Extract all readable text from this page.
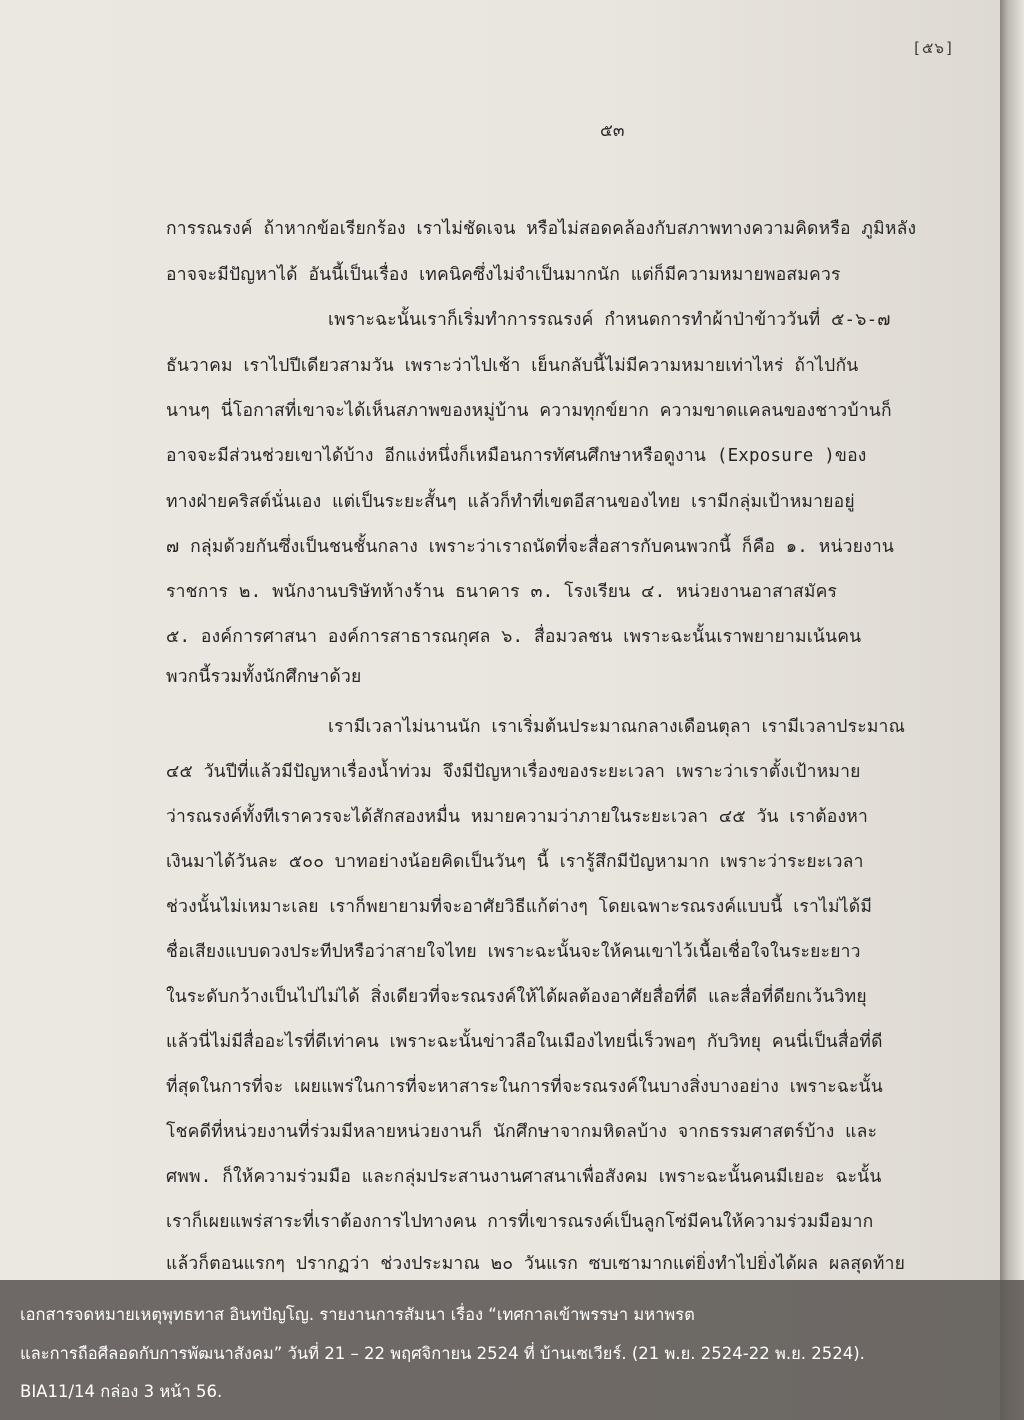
[๕๖]
๕๓
การรณรงค์ ถ้าหากข้อเรียกร้อง เราไม่ชัดเจน หรือไม่สอดคล้องกับสภาพทางความคิดหรือ ภูมิหลัง
อาจจะมีปัญหาได้ อันนี้เป็นเรื่อง เทคนิคซึ่งไม่จำเป็นมากนัก แต่ก็มีความหมายพอสมควร
เพราะฉะนั้นเราก็เริ่มทำการรณรงค์ กำหนดการทำผ้าป่าข้าววันที่ ๕-๖-๗
ธันวาคม เราไปปีเดียวสามวัน เพราะว่าไปเช้า เย็นกลับนี้ไม่มีความหมายเท่าไหร่ ถ้าไปกัน
นานๆ นี่โอกาสที่เขาจะได้เห็นสภาพของหมู่บ้าน ความทุกข์ยาก ความขาดแคลนของชาวบ้านก็
อาจจะมีส่วนช่วยเขาได้บ้าง อีกแง่หนึ่งก็เหมือนการทัศนศึกษาหรือดูงาน (Exposure )ของ
ทางฝ่ายคริสต์นั่นเอง แต่เป็นระยะสั้นๆ แล้วก็ทำที่เขตอีสานของไทย เรามีกลุ่มเป้าหมายอยู่
๗ กลุ่มด้วยกันซึ่งเป็นชนชั้นกลาง เพราะว่าเราถนัดที่จะสื่อสารกับคนพวกนี้ ก็คือ ๑. หน่วยงาน
ราชการ ๒. พนักงานบริษัทห้างร้าน ธนาคาร ๓. โรงเรียน ๔. หน่วยงานอาสาสมัคร
๕. องค์การศาสนา องค์การสาธารณกุศล ๖. สื่อมวลชน เพราะฉะนั้นเราพยายามเน้นคน
พวกนี้รวมทั้งนักศึกษาด้วย
เรามีเวลาไม่นานนัก เราเริ่มต้นประมาณกลางเดือนตุลา เรามีเวลาประมาณ
๔๕ วันปีที่แล้วมีปัญหาเรื่องน้ำท่วม จึงมีปัญหาเรื่องของระยะเวลา เพราะว่าเราตั้งเป้าหมาย
ว่ารณรงค์ทั้งทีเราควรจะได้สักสองหมื่น หมายความว่าภายในระยะเวลา ๔๕ วัน เราต้องหา
เงินมาได้วันละ ๕๐๐ บาทอย่างน้อยคิดเป็นวันๆ นี้ เรารู้สึกมีปัญหามาก เพราะว่าระยะเวลา
ช่วงนั้นไม่เหมาะเลย เราก็พยายามที่จะอาศัยวิธีแก้ต่างๆ โดยเฉพาะรณรงค์แบบนี้ เราไม่ได้มี
ชื่อเสียงแบบดวงประทีปหรือว่าสายใจไทย เพราะฉะนั้นจะให้คนเขาไว้เนื้อเชื่อใจในระยะยาว
ในระดับกว้างเป็นไปไม่ได้ สิ่งเดียวที่จะรณรงค์ให้ได้ผลต้องอาศัยสื่อที่ดี และสื่อที่ดียกเว้นวิทยุ
แล้วนี่ไม่มีสื่ออะไรที่ดีเท่าคน เพราะฉะนั้นข่าวลือในเมืองไทยนี่เร็วพอๆ กับวิทยุ คนนี่เป็นสื่อที่ดี
ที่สุดในการที่จะ เผยแพร่ในการที่จะหาสาระในการที่จะรณรงค์ในบางสิ่งบางอย่าง เพราะฉะนั้น
โชคดีที่หน่วยงานที่ร่วมมีหลายหน่วยงานก็ นักศึกษาจากมหิดลบ้าง จากธรรมศาสตร์บ้าง และ
ศพพ. ก็ให้ความร่วมมือ และกลุ่มประสานงานศาสนาเพื่อสังคม เพราะฉะนั้นคนมีเยอะ ฉะนั้น
เราก็เผยแพร่สาระที่เราต้องการไปทางคน การที่เขารณรงค์เป็นลูกโซ่มีคนให้ความร่วมมือมาก
แล้วก็ตอนแรกๆ ปรากฏว่า ช่วงประมาณ ๒๐ วันแรก ซบเซามากแต่ยิ่งทำไปยิ่งได้ผล ผลสุดท้าย
เอกสารจดหมายเหตุพุทธทาส อินทปัญโญ. รายงานการสัมนา เรื่อง “เทศกาลเข้าพรรษา มหาพรต
และการถือศีลอดกับการพัฒนาสังคม” วันที่ 21 – 22 พฤศจิกายน 2524 ที่ บ้านเซเวียร์. (21 พ.ย. 2524-22 พ.ย. 2524).
BIA11/14 กล่อง 3 หน้า 56.
